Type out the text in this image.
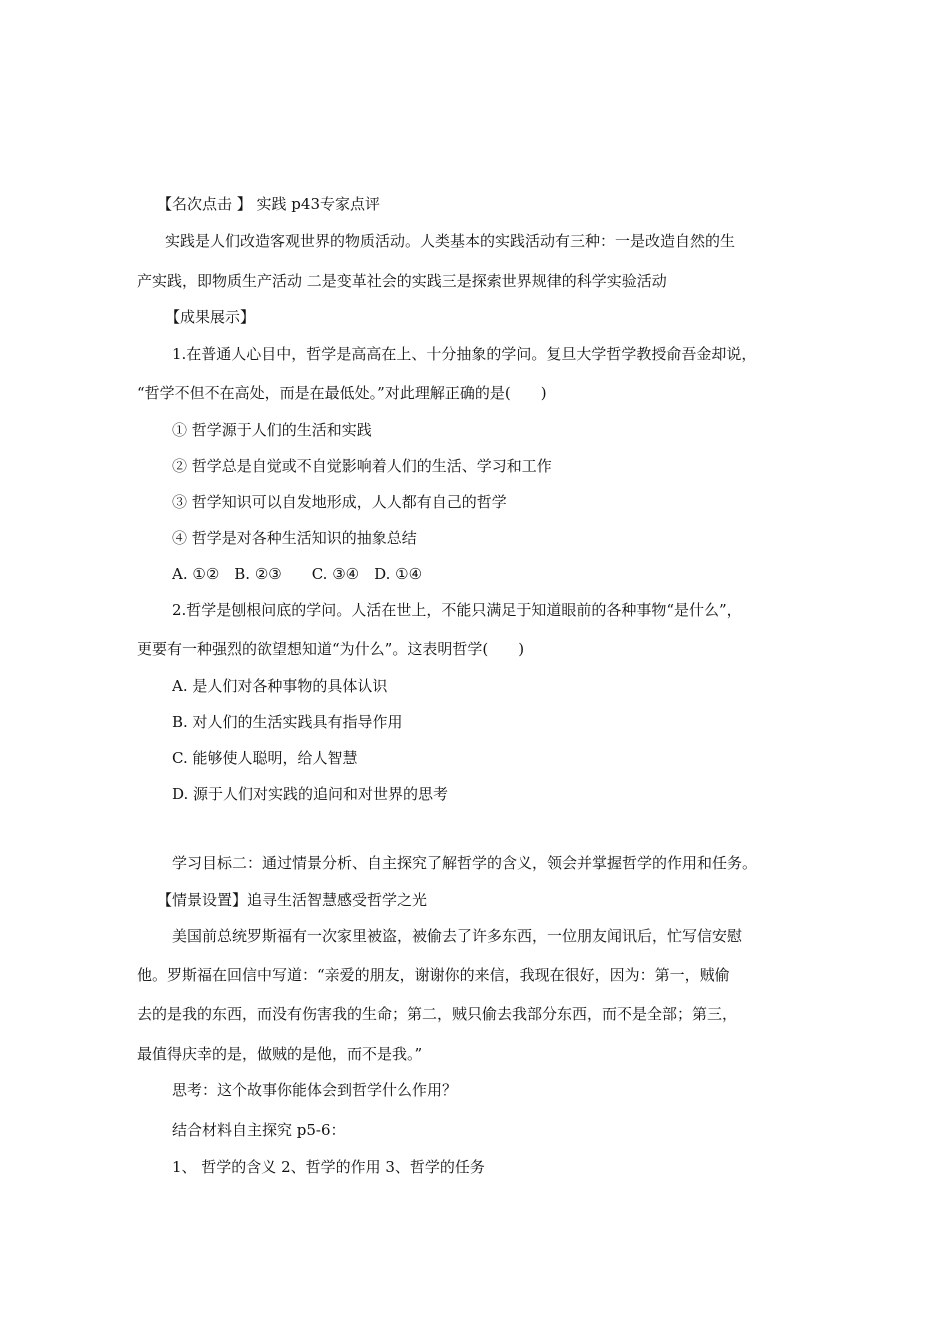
【名次点击 】 实践 p43专家点评
实践是人们改造客观世界的物质活动。人类基本的实践活动有三种：一是改造自然的生
产实践，即物质生产活动 二是变革社会的实践三是探索世界规律的科学实验活动
【成果展示】
1.在普通人心目中，哲学是高高在上、十分抽象的学问。复旦大学哲学教授俞吾金却说，
“哲学不但不在高处，而是在最低处。”对此理解正确的是(　　)
① 哲学源于人们的生活和实践
② 哲学总是自觉或不自觉影响着人们的生活、学习和工作
③ 哲学知识可以自发地形成，人人都有自己的哲学
④ 哲学是对各种生活知识的抽象总结
A. ①②　B. ②③　　C. ③④　D. ①④
2.哲学是刨根问底的学问。人活在世上，不能只满足于知道眼前的各种事物“是什么”，
更要有一种强烈的欲望想知道“为什么”。这表明哲学(　　)
A. 是人们对各种事物的具体认识
B. 对人们的生活实践具有指导作用
C. 能够使人聪明，给人智慧
D. 源于人们对实践的追问和对世界的思考
学习目标二：通过情景分析、自主探究了解哲学的含义，领会并掌握哲学的作用和任务。
【情景设置】追寻生活智慧感受哲学之光
美国前总统罗斯福有一次家里被盗，被偷去了许多东西，一位朋友闻讯后，忙写信安慰
他。罗斯福在回信中写道：“亲爱的朋友，谢谢你的来信，我现在很好，因为：第一，贼偷
去的是我的东西，而没有伤害我的生命；第二，贼只偷去我部分东西，而不是全部；第三，
最值得庆幸的是，做贼的是他，而不是我。”
思考：这个故事你能体会到哲学什么作用？
结合材料自主探究 p5-6：
1、 哲学的含义 2、哲学的作用 3、哲学的任务
